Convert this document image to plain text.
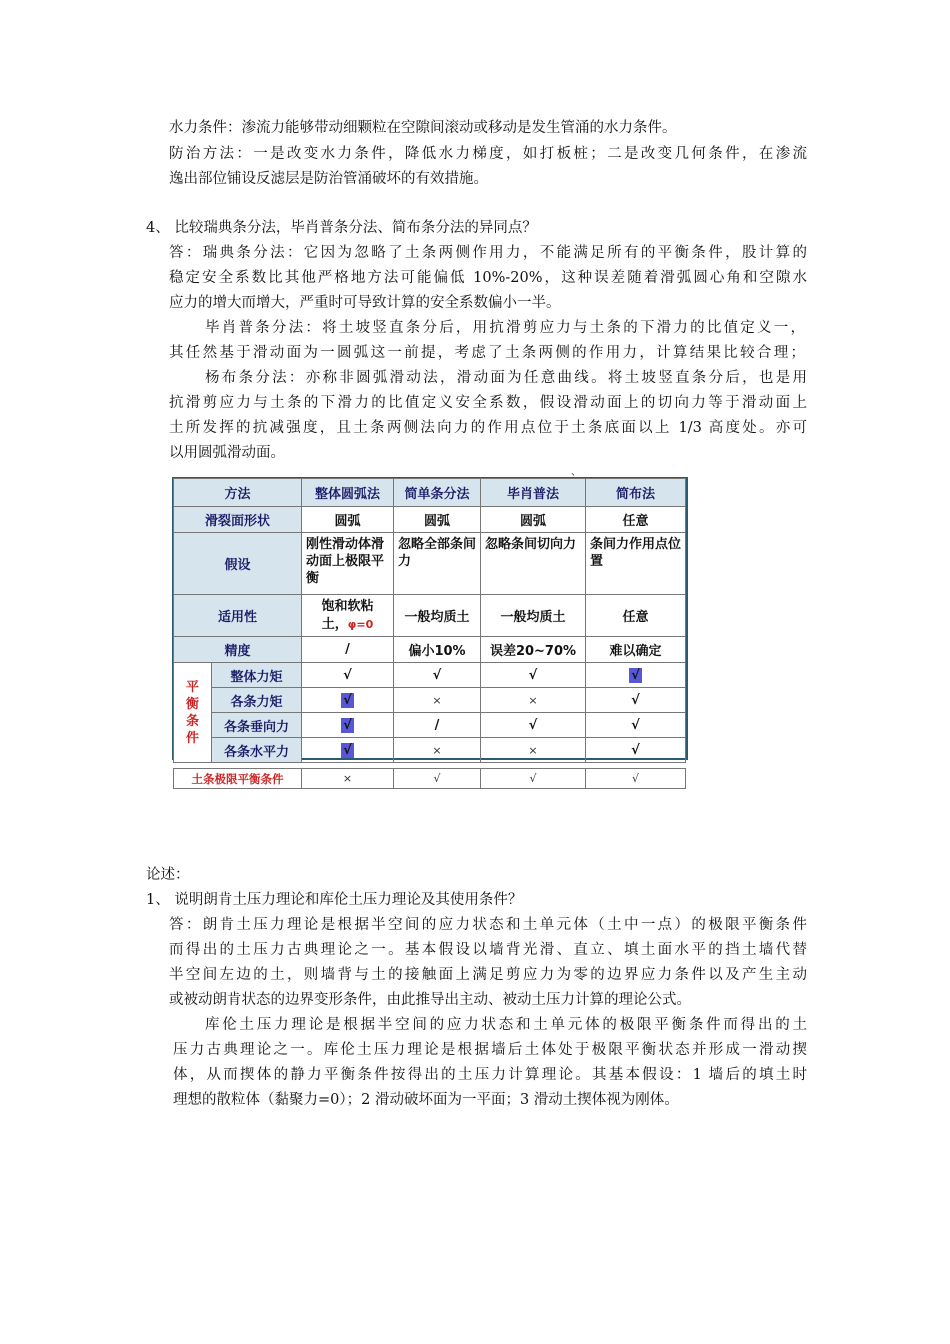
水力条件：渗流力能够带动细颗粒在空隙间滚动或移动是发生管涌的水力条件。
防治方法：一是改变水力条件，降低水力梯度，如打板桩；二是改变几何条件，在渗流
逸出部位铺设反滤层是防治管涌破坏的有效措施。
4、 比较瑞典条分法，毕肖普条分法、简布条分法的异同点？
答：瑞典条分法：它因为忽略了土条两侧作用力，不能满足所有的平衡条件，股计算的
稳定安全系数比其他严格地方法可能偏低 10%-20%，这种误差随着滑弧圆心角和空隙水
应力的增大而增大，严重时可导致计算的安全系数偏小一半。
毕肖普条分法：将土坡竖直条分后，用抗滑剪应力与土条的下滑力的比值定义一，
其任然基于滑动面为一圆弧这一前提，考虑了土条两侧的作用力，计算结果比较合理；
杨布条分法：亦称非圆弧滑动法，滑动面为任意曲线。将土坡竖直条分后，也是用
抗滑剪应力与土条的下滑力的比值定义安全系数，假设滑动面上的切向力等于滑动面上
土所发挥的抗减强度，且土条两侧法向力的作用点位于土条底面以上 1/3 高度处。亦可
以用圆弧滑动面。
、
方法		整体圆弧法	简单条分法	毕肖普法	简布法
滑裂面形状		圆弧	圆弧	圆弧	任意
假设		刚性滑动体滑动面上极限平衡	忽略全部条间力	忽略条间切向力	条间力作用点位置
适用性		饱和软粘
土，φ=0	一般均质土	一般均质土	任意
精度		/	偏小10%	误差20~70%	难以确定
平
衡
条
件	整体力矩	√	√	√	√
	各条力矩	√	×	×	√
	各条垂向力	√	/	√	√
	各条水平力	√	×	×	√

土条极限平衡条件		×	√	√	√
论述：
1、 说明朗肯土压力理论和库伦土压力理论及其使用条件？
答：朗肯土压力理论是根据半空间的应力状态和土单元体（土中一点）的极限平衡条件
而得出的土压力古典理论之一。基本假设以墙背光滑、直立、填土面水平的挡土墙代替
半空间左边的土，则墙背与土的接触面上满足剪应力为零的边界应力条件以及产生主动
或被动朗肯状态的边界变形条件，由此推导出主动、被动土压力计算的理论公式。
库伦土压力理论是根据半空间的应力状态和土单元体的极限平衡条件而得出的土
压力古典理论之一。库伦土压力理论是根据墙后土体处于极限平衡状态并形成一滑动揳
体，从而揳体的静力平衡条件按得出的土压力计算理论。其基本假设：1 墙后的填土时
理想的散粒体（黏聚力=0）；2 滑动破坏面为一平面；3 滑动土揳体视为刚体。
